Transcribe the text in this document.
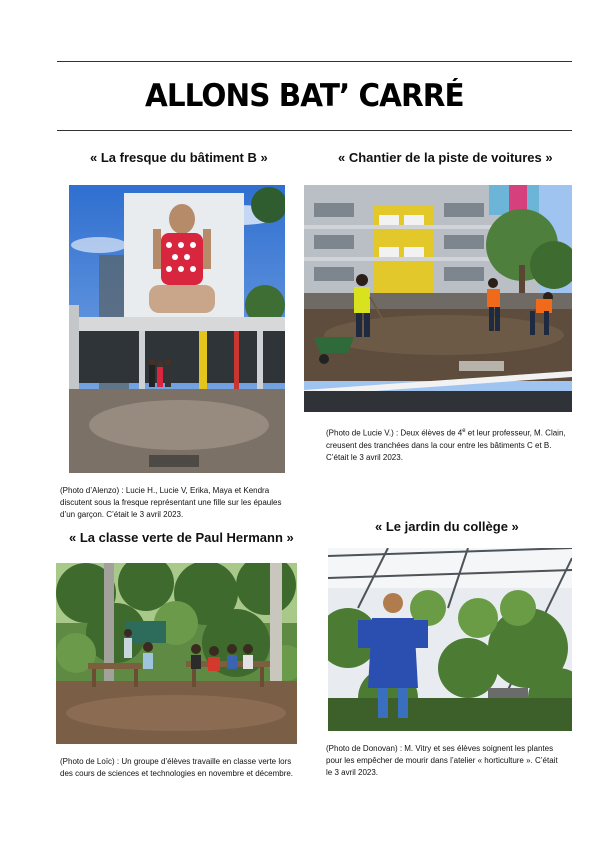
ALLONS BAT’ CARRÉ
« La fresque du bâtiment B »
(Photo d’Alenzo) : Lucie H., Lucie V, Erika, Maya et Kendra discutent sous la fresque représentant une fille sur les épaules d’un garçon. C’était le 3 avril 2023.
« Chantier de la piste de voitures »
(Photo de Lucie V.) : Deux élèves de 4e et leur professeur, M. Clain, creusent des tranchées dans la cour entre les bâtiments C et B. C’était le 3 avril 2023.
« La classe verte de Paul Hermann »
(Photo de Loïc) : Un groupe d’élèves travaille en classe verte lors des cours de sciences et technologies en novembre et décembre.
« Le jardin du collège »
(Photo de Donovan) : M. Vitry et ses élèves soignent les plantes pour les empêcher de mourir dans l’atelier « horticulture ». C’était le 3 avril 2023.
